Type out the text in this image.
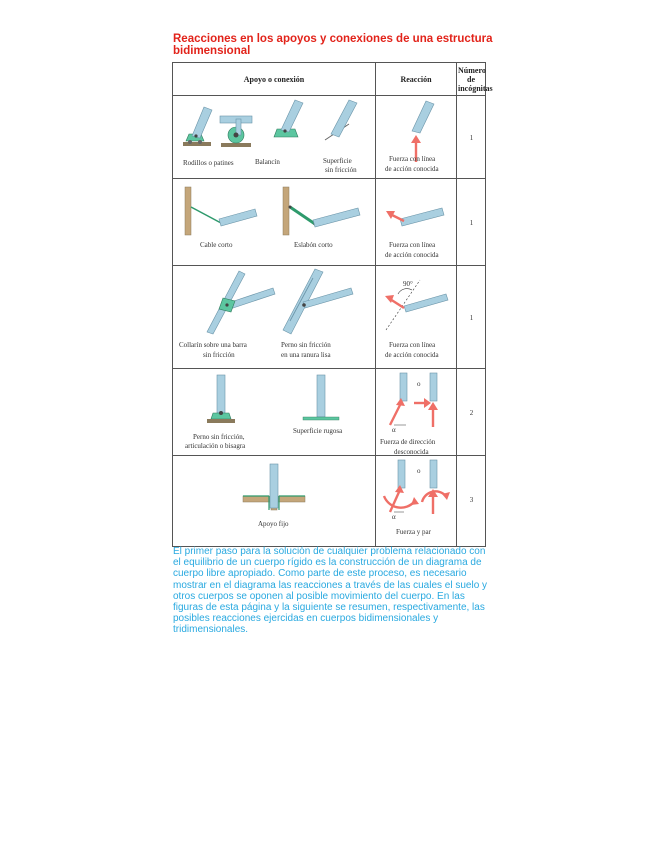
Reacciones en los apoyos y conexiones de una estructura bidimensional
Apoyo o conexión	Reacción	Número de incógnitas

Rodillos o patines Balancín Superficie
sin fricción	Fuerza con línea
de acción conocida	1

Cable corto Eslabón corto	Fuerza con línea
de acción conocida	1

Collarín sobre una barra
sin fricción
Perno sin fricción
en una ranura lisa	90°
Fuerza con línea
de acción conocida	1

Perno sin fricción,
articulación o bisagra
Superficie rugosa	α
o
Fuerza de dirección
desconocida	2

Apoyo fijo	α
o
Fuerza y par	3
El primer paso para la solución de cualquier problema relacionado con el equilibrio de un cuerpo rígido es la construcción de un diagrama de cuerpo libre apropiado. Como parte de este proceso, es necesario mostrar en el diagrama las reacciones a través de las cuales el suelo y otros cuerpos se oponen al posible movimiento del cuerpo. En las figuras de esta página y la siguiente se resumen, respectivamente, las posibles reacciones ejercidas en cuerpos bidimensionales y tridimensionales.
